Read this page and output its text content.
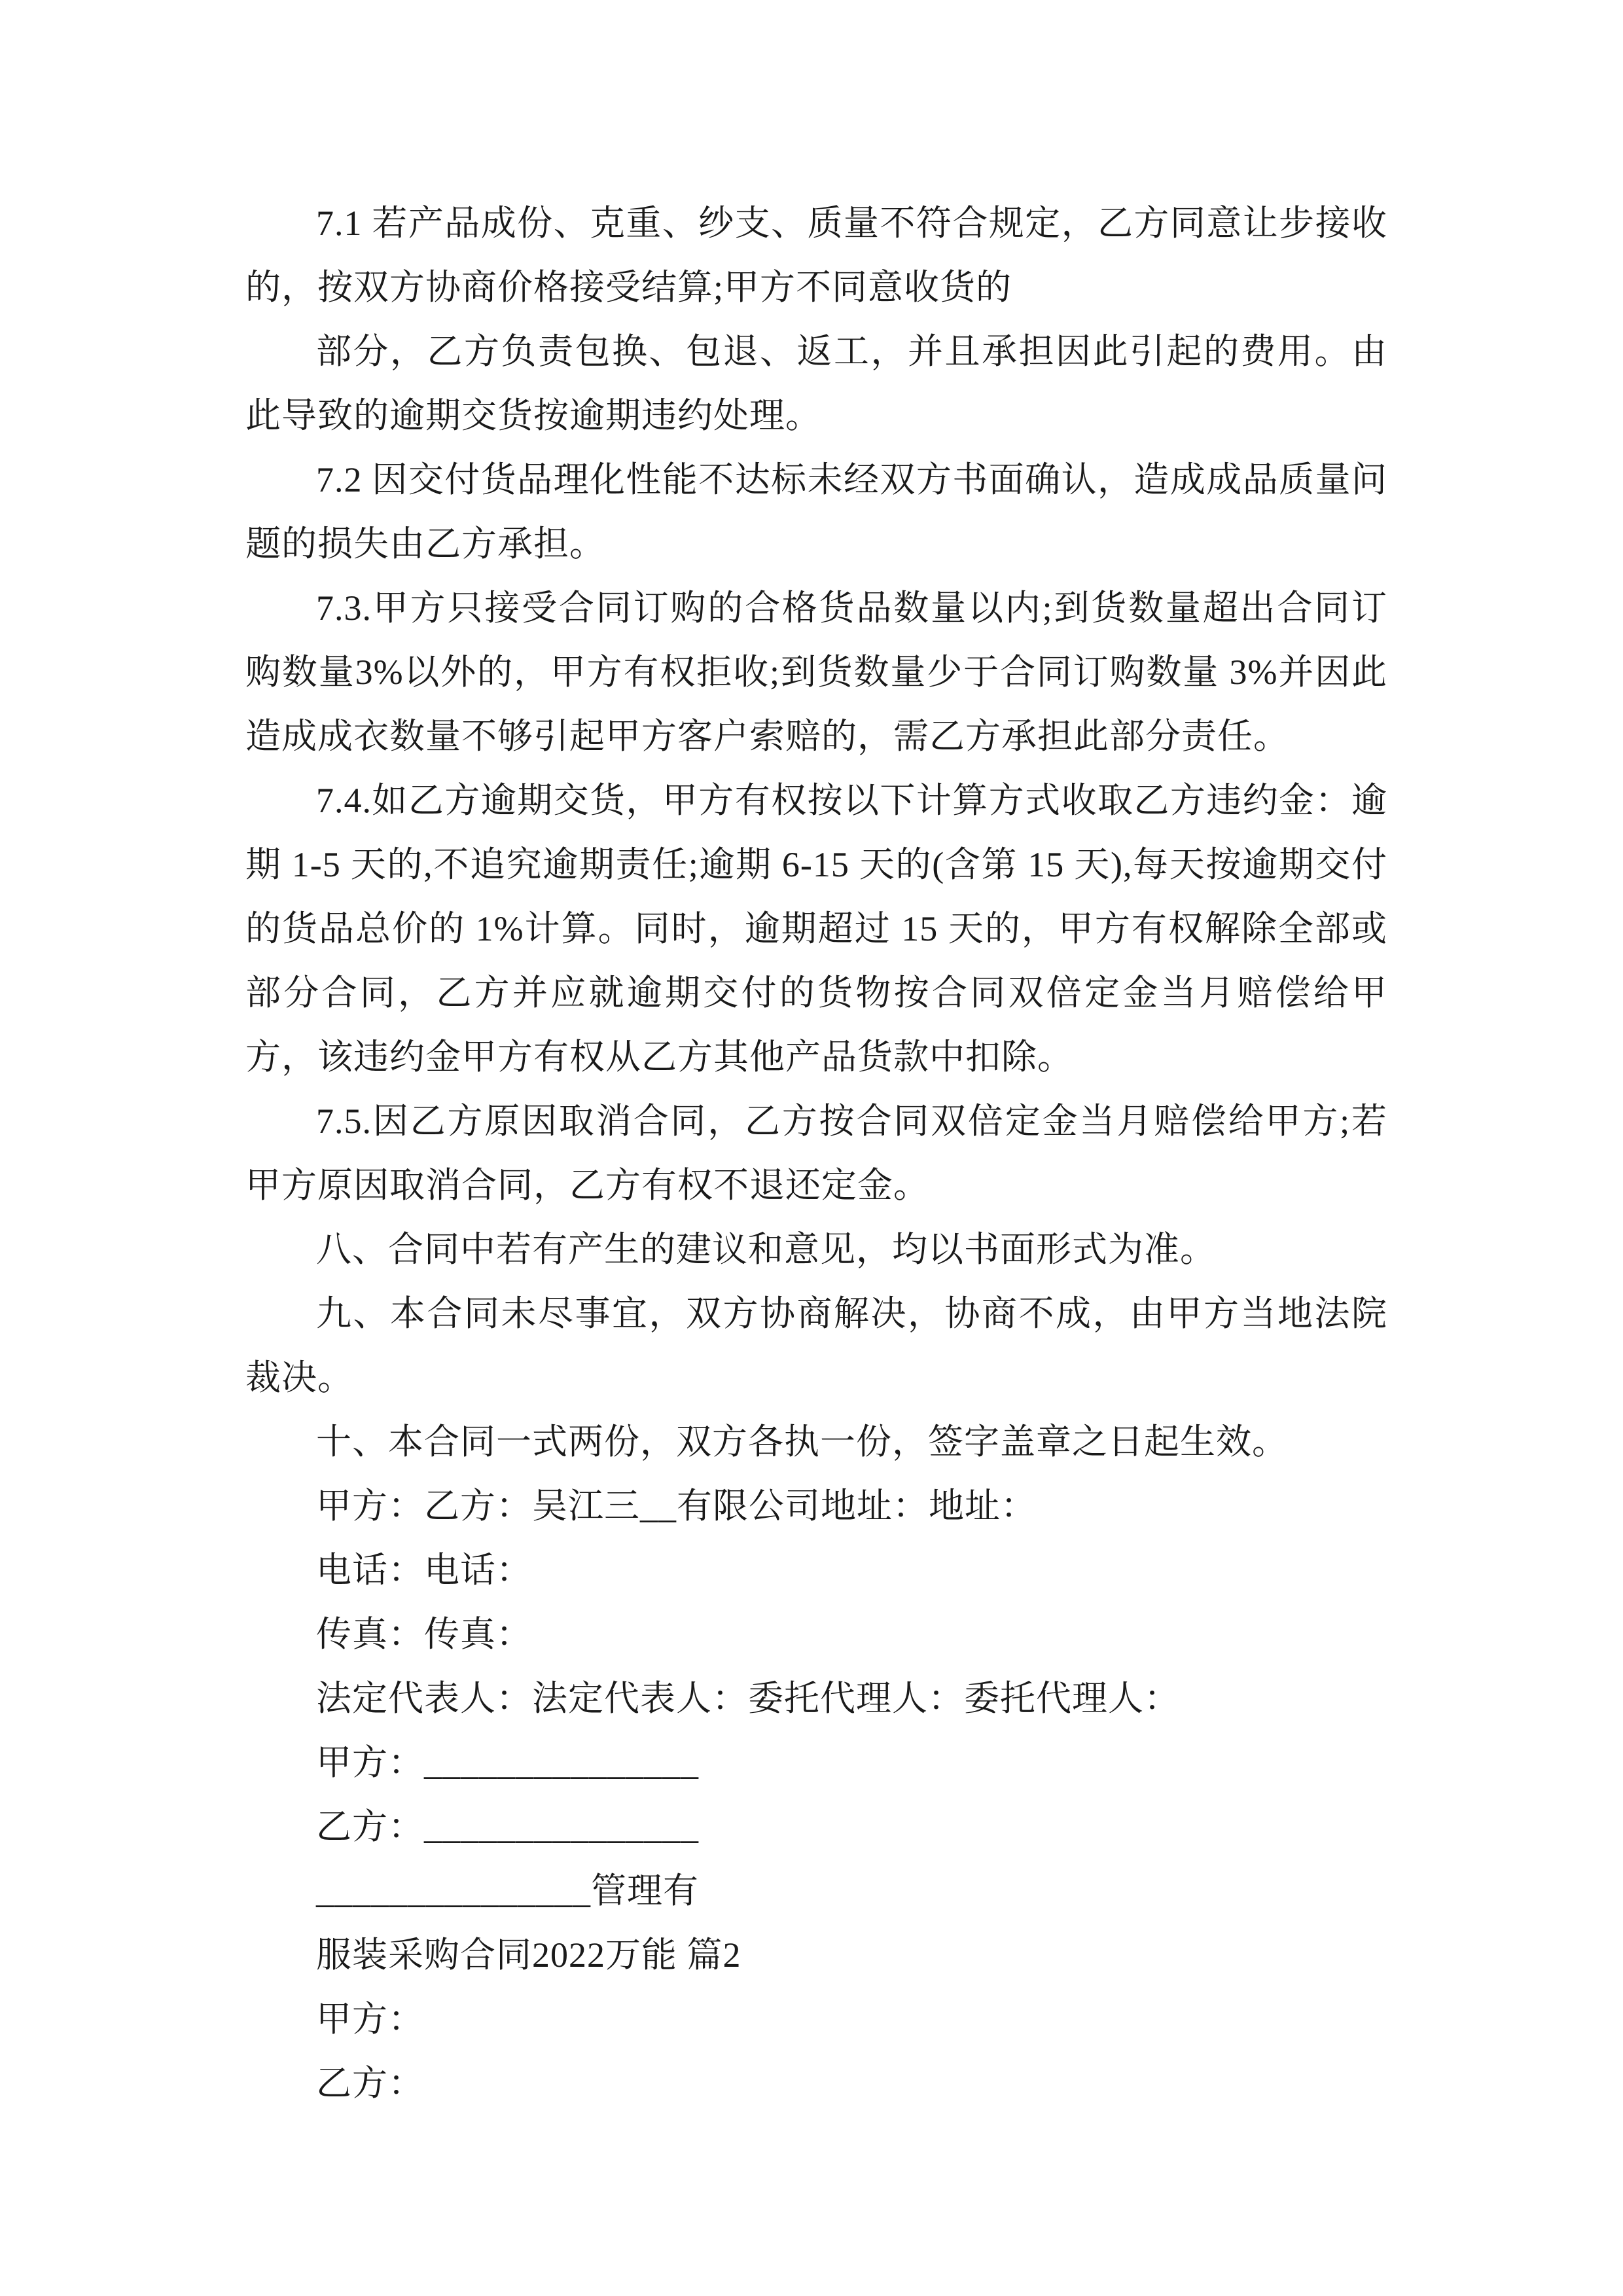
7.1 若产品成份、克重、纱支、质量不符合规定，乙方同意让步接收的，按双方协商价格接受结算;甲方不同意收货的

部分，乙方负责包换、包退、返工，并且承担因此引起的费用。由此导致的逾期交货按逾期违约处理。

7.2 因交付货品理化性能不达标未经双方书面确认，造成成品质量问题的损失由乙方承担。

7.3.甲方只接受合同订购的合格货品数量以内;到货数量超出合同订购数量3%以外的，甲方有权拒收;到货数量少于合同订购数量 3%并因此造成成衣数量不够引起甲方客户索赔的，需乙方承担此部分责任。

7.4.如乙方逾期交货，甲方有权按以下计算方式收取乙方违约金：逾期 1-5 天的,不追究逾期责任;逾期 6-15 天的(含第 15 天),每天按逾期交付的货品总价的 1%计算。同时，逾期超过 15 天的，甲方有权解除全部或部分合同，乙方并应就逾期交付的货物按合同双倍定金当月赔偿给甲方，该违约金甲方有权从乙方其他产品货款中扣除。

7.5.因乙方原因取消合同，乙方按合同双倍定金当月赔偿给甲方;若甲方原因取消合同，乙方有权不退还定金。

八、合同中若有产生的建议和意见，均以书面形式为准。

九、本合同未尽事宜，双方协商解决，协商不成，由甲方当地法院裁决。

十、本合同一式两份，双方各执一份，签字盖章之日起生效。

甲方：乙方：吴江三__有限公司地址：地址：

电话：电话：

传真：传真：

法定代表人：法定代表人：委托代理人：委托代理人：

甲方：_______________

乙方：_______________

_______________管理有

服装采购合同2022万能 篇2

甲方：

乙方：
